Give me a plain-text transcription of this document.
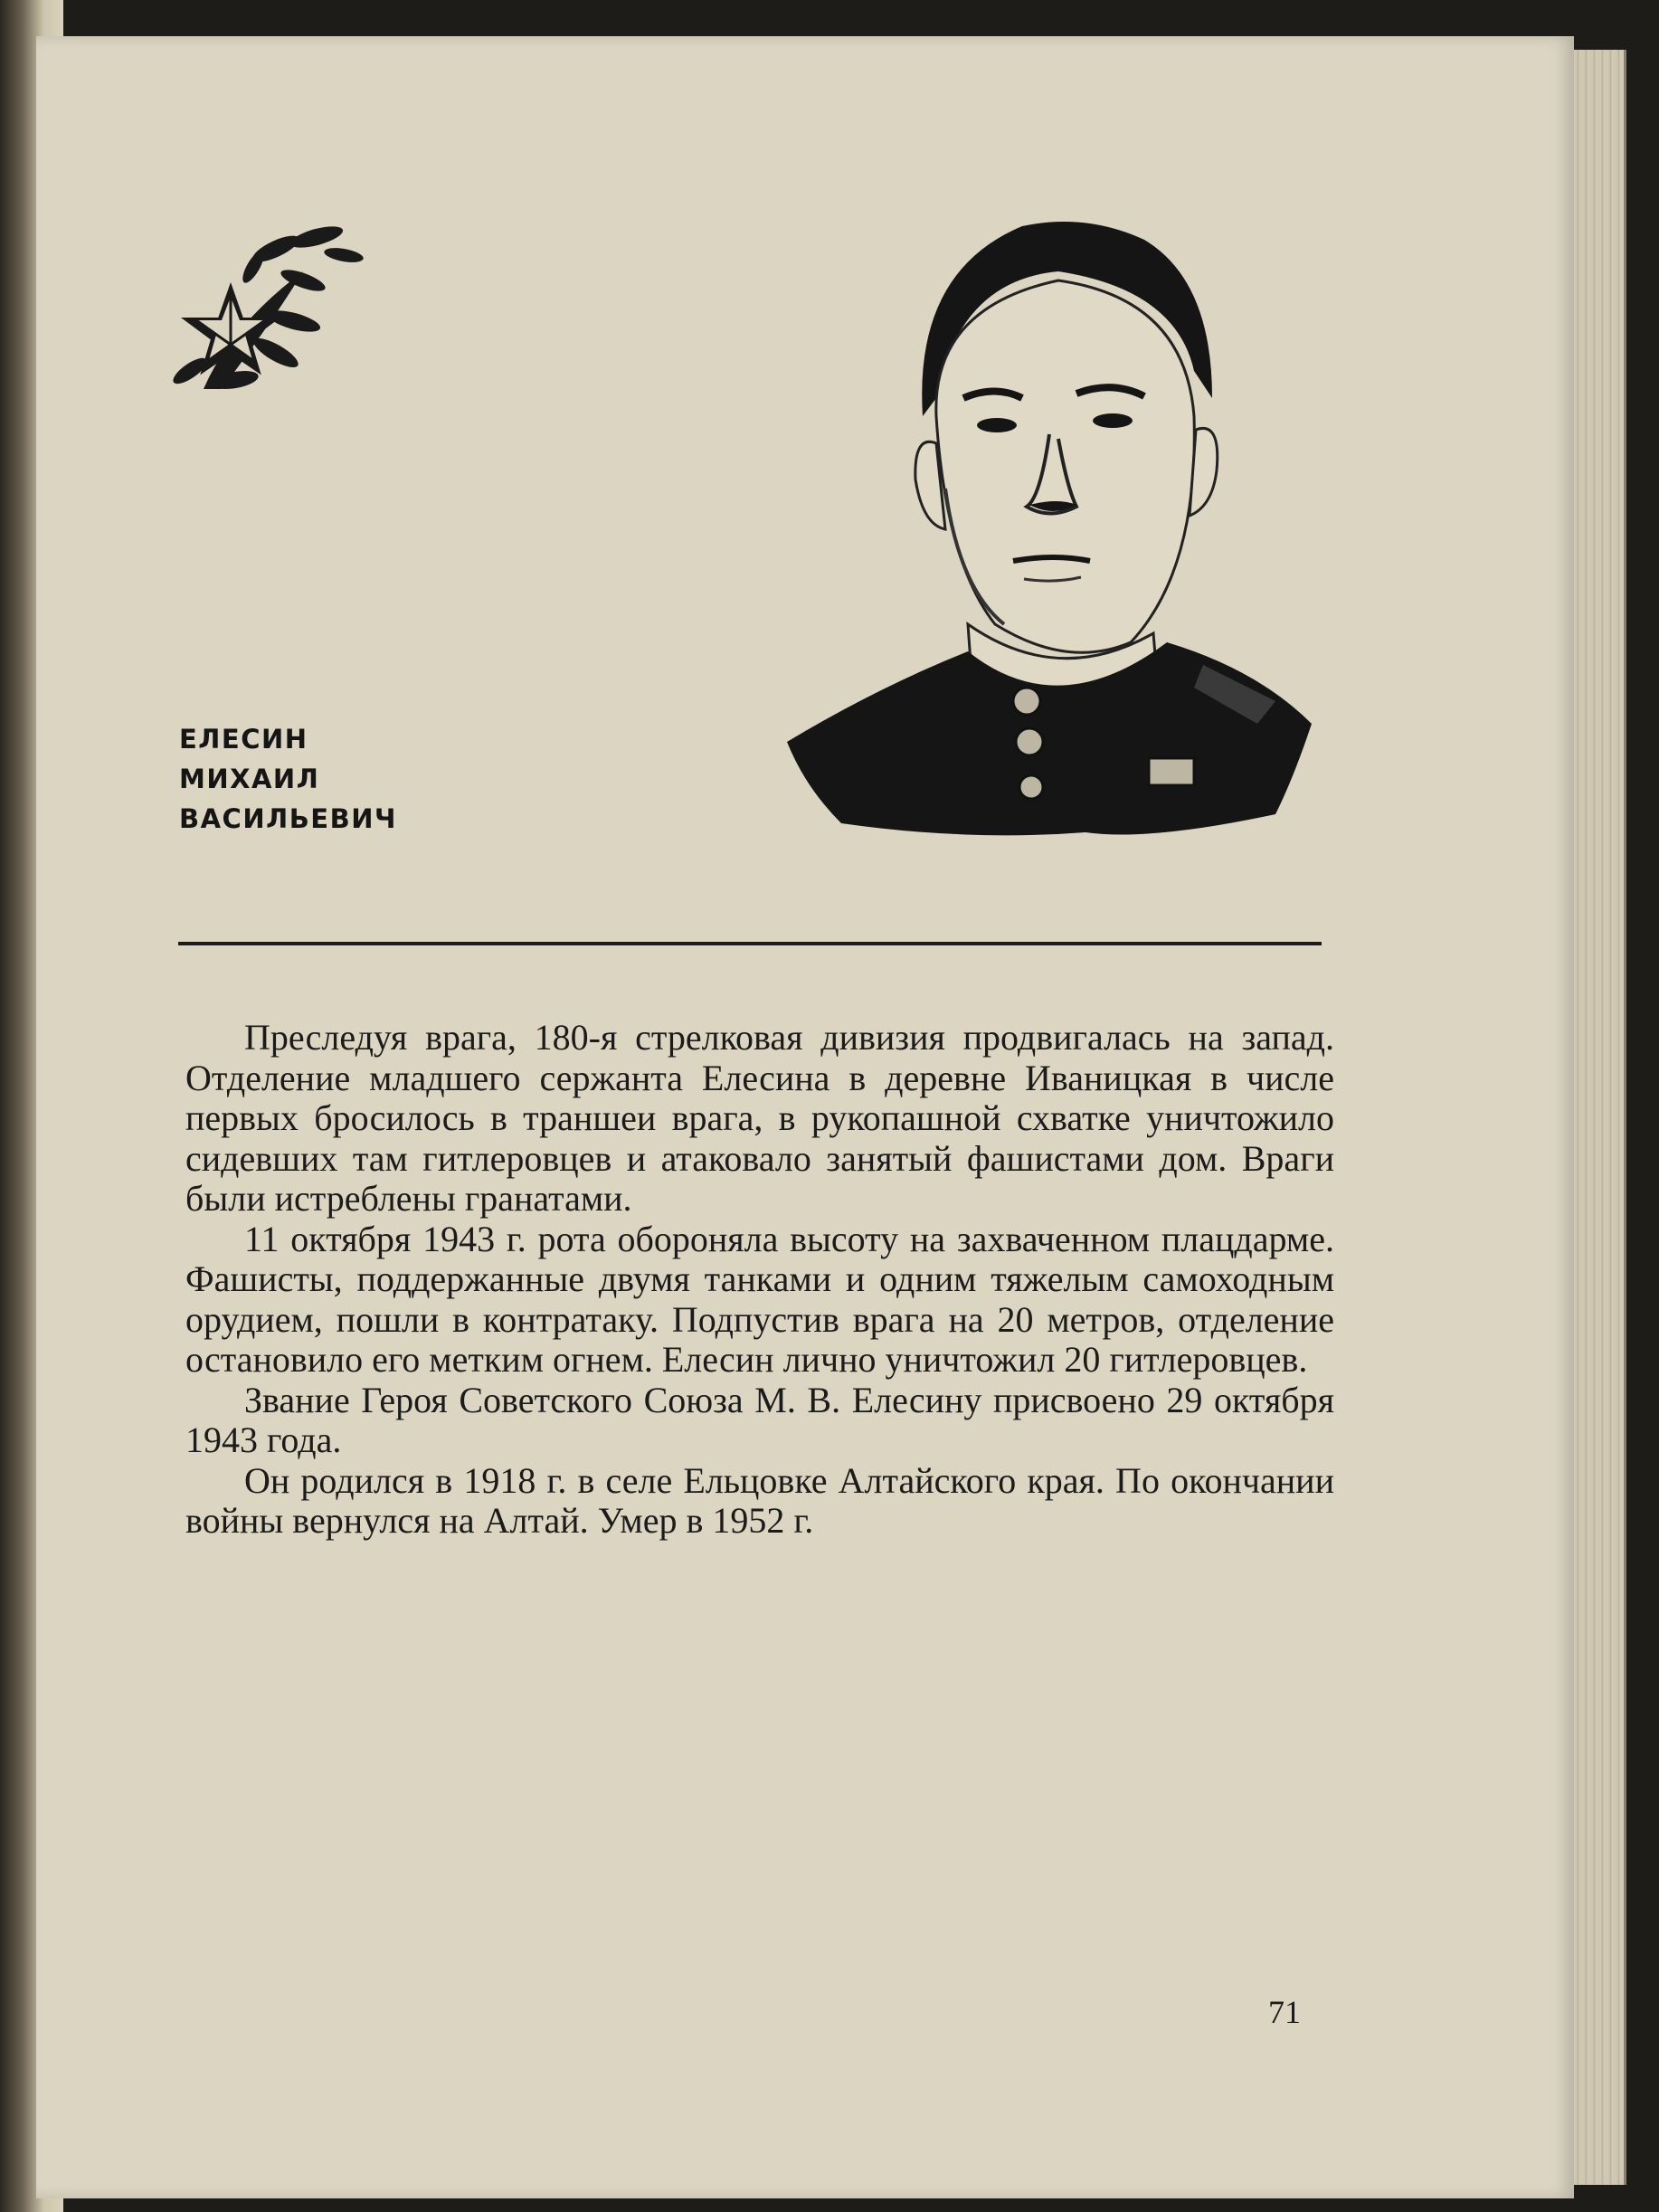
ЕЛЕСИН
МИХАИЛ
ВАСИЛЬЕВИЧ

Преследуя врага, 180-я стрелковая дивизия продвигалась на запад. Отделение младшего сержанта Елесина в деревне Иваницкая в числе первых бросилось в траншеи врага, в рукопашной схватке уничтожило сидевших там гитлеровцев и атаковало занятый фашистами дом. Враги были истреблены гранатами.

11 октября 1943 г. рота обороняла высоту на захваченном плацдарме. Фашисты, поддержанные двумя танками и одним тяжелым самоходным орудием, пошли в контратаку. Подпустив врага на 20 метров, отделение остановило его метким огнем. Елесин лично уничтожил 20 гитлеровцев.

Звание Героя Советского Союза М. В. Елесину присвоено 29 октября 1943 года.

Он родился в 1918 г. в селе Ельцовке Алтайского края. По окончании войны вернулся на Алтай. Умер в 1952 г.

71
